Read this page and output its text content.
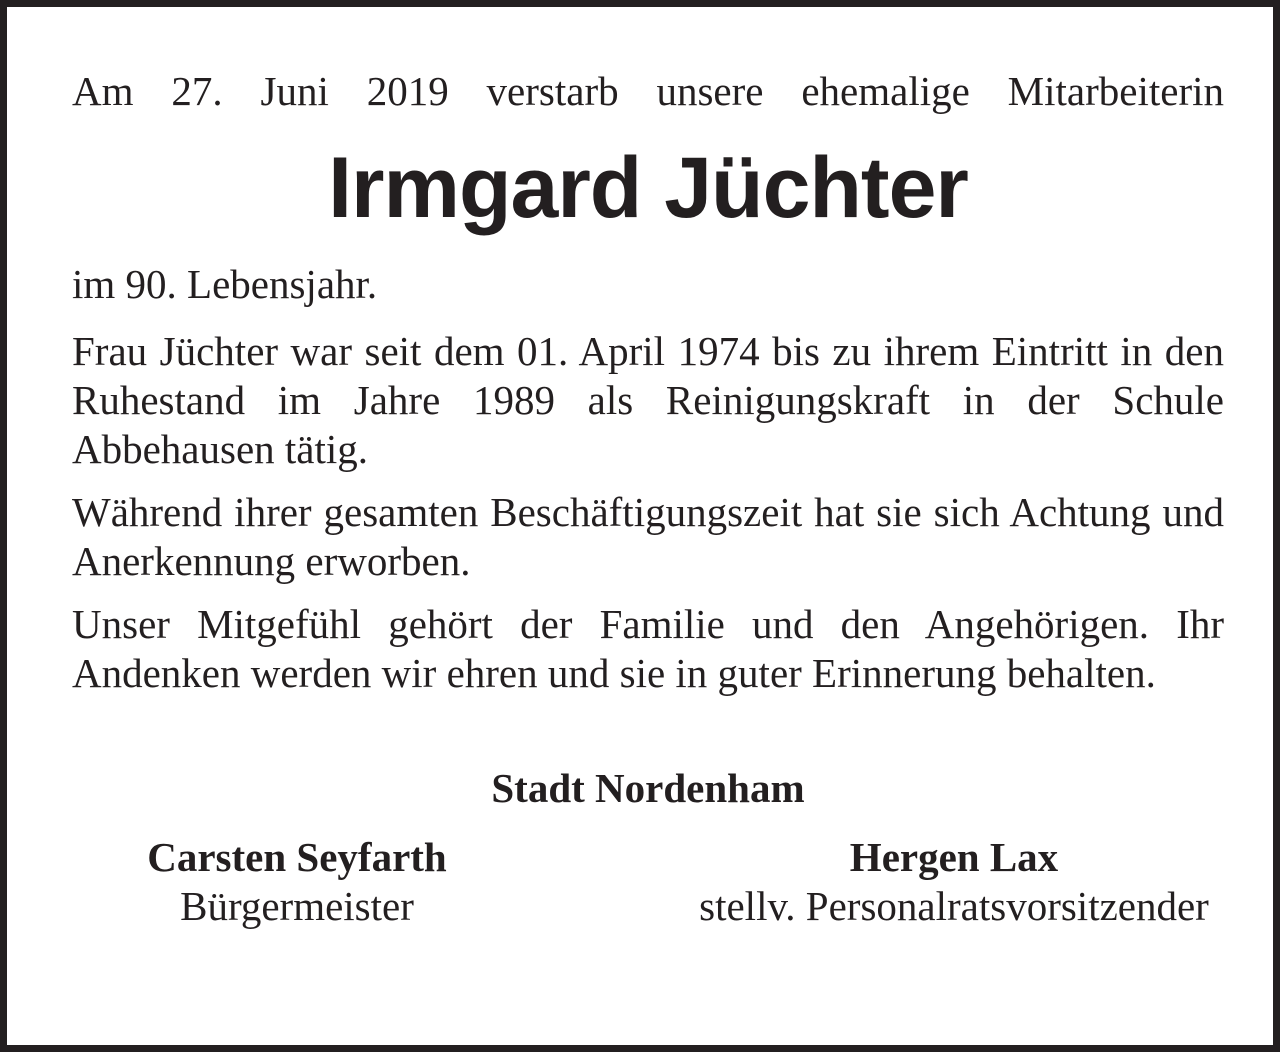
Am 27. Juni 2019 verstarb unsere ehemalige Mitarbeiterin

Irmgard Jüchter

im 90. Lebensjahr.

Frau Jüchter war seit dem 01. April 1974 bis zu ihrem Eintritt in den Ruhestand im Jahre 1989 als Reinigungskraft in der Schule Abbehausen tätig.

Während ihrer gesamten Beschäftigungszeit hat sie sich Achtung und Anerkennung erworben.

Unser Mitgefühl gehört der Familie und den Angehörigen. Ihr Andenken werden wir ehren und sie in guter Erinnerung behalten.

Stadt Nordenham

Carsten Seyfarth

Bürgermeister

Hergen Lax

stellv. Personalratsvorsitzender
